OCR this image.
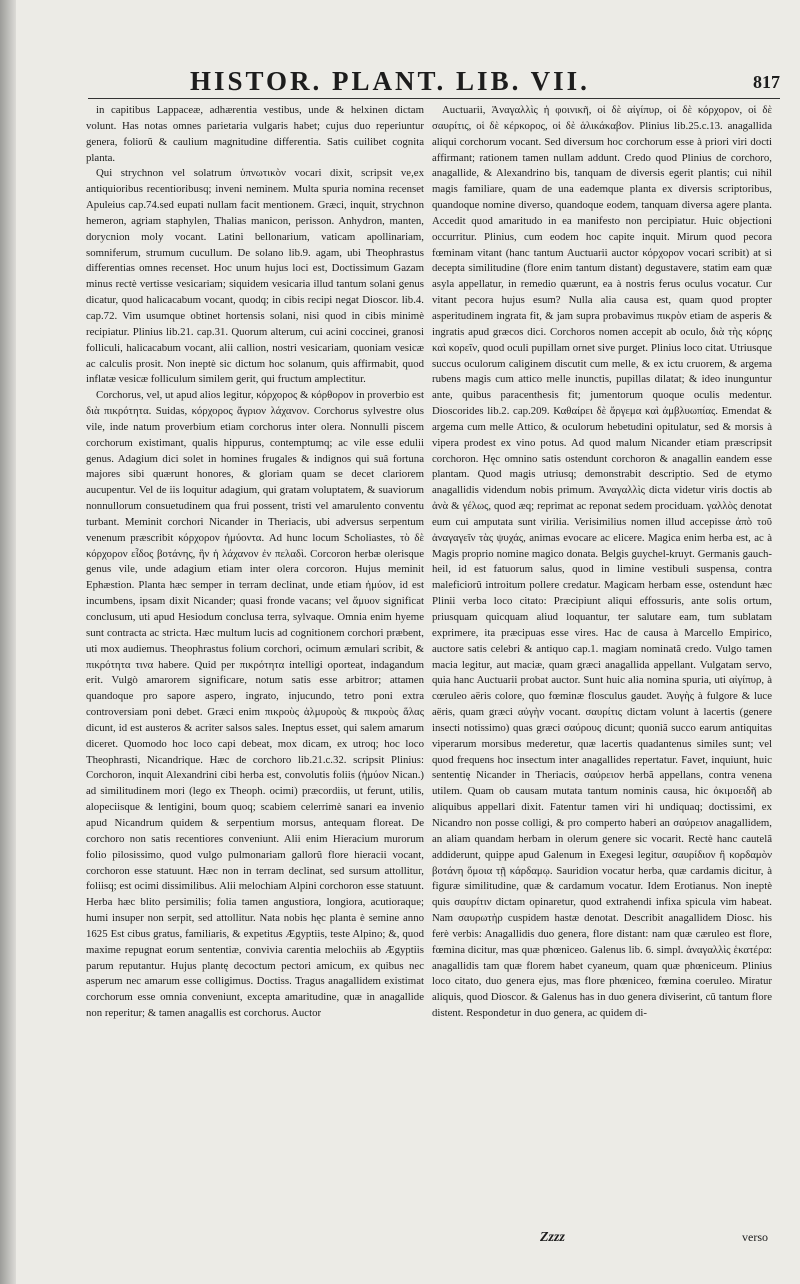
HISTOR. PLANT. LIB. VII.	817

in capitibus Lappaceæ, adhærentia vestibus, unde & helxinen dictam volunt. Has notas omnes parietaria vulgaris habet; cujus duo reperiuntur genera, foliorũ & caulium magnitudine differentia. Satis cuilibet cognita planta.

Qui strychnon vel solatrum ὑπνωτικὸν vocari dixit, scripsit ve,ex antiquioribus recentioribusq; inveni neminem. Multa spuria nomina recenset Apuleius cap.74.sed eupati nullam facit mentionem. Græci, inquit, strychnon hemeron, agriam staphylen, Thalias manicon, perisson. Anhydron, manten, dorycnion moly vocant. Latini bellonarium, vaticam apollinariam, somniferum, strumum cucullum. De solano lib.9. agam, ubi Theophrastus differentias omnes recenset. Hoc unum hujus loci est, Doctissimum Gazam minus rectè vertisse vesicariam; siquidem vesicaria illud tantum solani genus dicatur, quod halicacabum vocant, quodq; in cibis recipi negat Dioscor. lib.4. cap.72. Vim usumque obtinet hortensis solani, nisi quod in cibis minimè recipiatur. Plinius lib.21. cap.31. Quorum alterum, cui acini coccinei, granosi folliculi, halicacabum vocant, alii callion, nostri vesicariam, quoniam vesicæ ac calculis prosit. Non ineptè sic dictum hoc solanum, quis affirmabit, quod inflatæ vesicæ folliculum similem gerit, qui fructum amplectitur.

Corchorus, vel, ut apud alios legitur, κόρχορος & κόρθορον in proverbio est διὰ πικρότητα. Suidas, κόρχορος ἄγριον λάχανον. Corchorus sylvestre olus vile, inde natum proverbium etiam corchorus inter olera. Nonnulli piscem corchorum existimant, qualis hippurus, contemptumq; ac vile esse edulii genus. Adagium dici solet in homines frugales & indignos qui suâ fortuna majores sibi quærunt honores, & gloriam quam se decet clariorem aucupentur. Vel de iis loquitur adagium, qui gratam voluptatem, & suaviorum nonnullorum consuetudinem qua frui possent, tristi vel amarulento conventu turbant. Meminit corchori Nicander in Theriacis, ubi adversus serpentum venenum præscribit κόρχορον ἠμύοντα. Ad hunc locum Scholiastes, τὸ δὲ κόρχορον εἶδος βοτάνης, ἣν ἡ λάχανον ἐν πελαδὶ. Corcoron herbæ olerisque genus vile, unde adagium etiam inter olera corcoron. Hujus meminit Ephæstion. Planta hæc semper in terram declinat, unde etiam ἠμύον, id est incumbens, ipsam dixit Nicander; quasi fronde vacans; vel ἄμυον significat conclusum, uti apud Hesiodum conclusa terra, sylvaque. Omnia enim hyeme sunt contracta ac stricta. Hæc multum lucis ad cognitionem corchori præbent, uti mox audiemus. Theophrastus folium corchori, ocimum æmulari scribit, & πικρότητα τινα habere. Quid per πικρότητα intelligi oporteat, indagandum erit. Vulgò amarorem significare, notum satis esse arbitror; attamen quandoque pro sapore aspero, ingrato, injucundo, tetro poni extra controversiam poni debet. Græci enim πικροὺς ἁλμυροὺς & πικροὺς ἅλας dicunt, id est austeros & acriter salsos sales. Ineptus esset, qui salem amarum diceret. Quomodo hoc loco capi debeat, mox dicam, ex utroq; hoc loco Theophrasti, Nicandrique. Hæc de corchoro lib.21.c.32. scripsit Plinius: Corchoron, inquit Alexandrini cibi herba est, convolutis foliis (ἠμύον Nican.) ad similitudinem mori (lego ex Theoph. ocimi) præcordiis, ut ferunt, utilis, alopeciisque & lentigini, boum quoq; scabiem celerrimè sanari ea invenio apud Nicandrum quidem & serpentium morsus, antequam floreat. De corchoro non satis recentiores conveniunt. Alii enim Hieracium murorum folio pilosissimo, quod vulgo pulmonariam gallorũ flore hieracii vocant, corchoron esse statuunt. Hæc non in terram declinat, sed sursum attollitur, foliisq; est ocimi dissimilibus. Alii melochiam Alpini corchoron esse statuunt. Herba hæc blito persimilis; folia tamen angustiora, longiora, acutioraque; humi insuper non serpit, sed attollitur. Nata nobis hęc planta è semine anno 1625 Est cibus gratus, familiaris, & expetitus Ægyptiis, teste Alpino; &, quod maxime repugnat eorum sententiæ, convivia carentia melochiis ab Ægyptiis parum reputantur. Hujus plantę decoctum pectori amicum, ex quibus nec asperum nec amarum esse colligimus. Doctiss. Tragus anagallidem existimat corchorum esse omnia conveniunt, excepta amaritudine, quæ in anagallide non reperitur; & tamen anagallis est corchorus. Auctor

Auctuarii, Ἀναγαλλὶς ἡ φοινικῆ, οἱ δὲ αἰγίπυρ, οἱ δὲ κόρχορον, οἱ δὲ σαυρίτις, οἱ δὲ κέρκορος, οἱ δὲ ἁλικάκαβον. Plinius lib.25.c.13. anagallida aliqui corchorum vocant. Sed diversum hoc corchorum esse à priori viri docti affirmant; rationem tamen nullam addunt. Credo quod Plinius de corchoro, anagallide, & Alexandrino bis, tanquam de diversis egerit plantis; cui nihil magis familiare, quam de una eademque planta ex diversis scriptoribus, quandoque nomine diverso, quandoque eodem, tanquam diversa agere planta. Accedit quod amaritudo in ea manifesto non percipiatur. Huic objectioni occurritur. Plinius, cum eodem hoc capite inquit. Mirum quod pecora fœminam vitant (hanc tantum Auctuarii auctor κόρχορον vocari scribit) at si decepta similitudine (flore enim tantum distant) degustavere, statim eam quæ asyla appellatur, in remedio quærunt, ea à nostris ferus oculus vocatur. Cur vitant pecora hujus esum? Nulla alia causa est, quam quod propter asperitudinem ingrata fit, & jam supra probavimus πικρὸν etiam de asperis & ingratis apud græcos dici. Corchoros nomen accepit ab oculo, διὰ τὴς κόρης καὶ κορεῖν, quod oculi pupillam ornet sive purget. Plinius loco citat. Utriusque succus oculorum caliginem discutit cum melle, & ex ictu cruorem, & argema rubens magis cum attico melle inunctis, pupillas dilatat; & ideo inunguntur ante, quibus paracenthesis fit; jumentorum quoque oculis medentur. Dioscorides lib.2. cap.209. Καθαίρει δὲ ἄργεμα καὶ ἀμβλυωπίας. Emendat & argema cum melle Attico, & oculorum hebetudini opitulatur, sed & morsis à vipera prodest ex vino potus. Ad quod malum Nicander etiam præscripsit corchoron. Hęc omnino satis ostendunt corchoron & anagallin eandem esse plantam. Quod magis utriusq; demonstrabit descriptio. Sed de etymo anagallidis videndum nobis primum. Ἀναγαλλὶς dicta videtur viris doctis ab ἀνὰ & γέλως, quod æq; reprimat ac reponat sedem prociduam. γαλλὸς denotat eum cui amputata sunt virilia. Verisimilius nomen illud accepisse ἀπὸ τοῦ ἀναγαγεῖν τὰς ψυχάς, animas evocare ac elicere. Magica enim herba est, ac à Magis proprio nomine magico donata. Belgis guychel-kruyt. Germanis gauch-heil, id est fatuorum salus, quod in limine vestibuli suspensa, contra maleficiorũ introitum pollere credatur. Magicam herbam esse, ostendunt hæc Plinii verba loco citato: Præcipiunt aliqui effossuris, ante solis ortum, priusquam quicquam aliud loquantur, ter salutare eam, tum sublatam exprimere, ita præcipuas esse vires. Hac de causa à Marcello Empirico, auctore satis celebri & antiquo cap.1. magiam nominatã credo. Vulgo tamen macia legitur, aut maciæ, quam græci anagallida appellant. Vulgatam servo, quia hanc Auctuarii probat auctor. Sunt huic alia nomina spuria, uti αἰγίπυρ, à cœruleo aëris colore, quo fœminæ flosculus gaudet. Ἀυγὴς à fulgore & luce aëris, quam græci αὐγὴν vocant. σαυρίτις dictam volunt à lacertis (genere insecti notissimo) quas græci σαύρους dicunt; quoniã succo earum antiquitas viperarum morsibus mederetur, quæ lacertis quadantenus similes sunt; vel quod frequens hoc insectum inter anagallides repertatur. Favet, inquiunt, huic sententię Nicander in Theriacis, σαύρειον herbã appellans, contra venena utilem. Quam ob causam mutata tantum nominis causa, hic ὀκιμοειδῆ ab aliquibus appellari dixit. Fatentur tamen viri hi undiquaq; doctissimi, ex Nicandro non posse colligi, & pro comperto haberi an σαύρειον anagallidem, an aliam quandam herbam in olerum genere sic vocarit. Rectè hanc cautelã addiderunt, quippe apud Galenum in Exegesi legitur, σαυρίδιον ἢ κορδαμὸν βοτάνη ὅμοια τῇ κάρδαμῳ. Sauridion vocatur herba, quæ cardamis dicitur, à figuræ similitudine, quæ & cardamum vocatur. Idem Erotianus. Non ineptè quis σαυρίτιν dictam opinaretur, quod extrahendi infixa spicula vim habeat. Nam σαυρωτὴρ cuspidem hastæ denotat. Describit anagallidem Diosc. his ferè verbis: Anagallidis duo genera, flore distant: nam quæ cæruleo est flore, fœmina dicitur, mas quæ phœniceo. Galenus lib. 6. simpl. ἀναγαλλὶς ἑκατέρα: anagallidis tam quæ florem habet cyaneum, quam quæ phœniceum. Plinius loco citato, duo genera ejus, mas flore phœniceo, fœmina coeruleo. Miratur aliquis, quod Dioscor. & Galenus has in duo genera diviserint, cũ tantum flore distent. Respondetur in duo genera, ac quidem di-

Zzzz	verso
